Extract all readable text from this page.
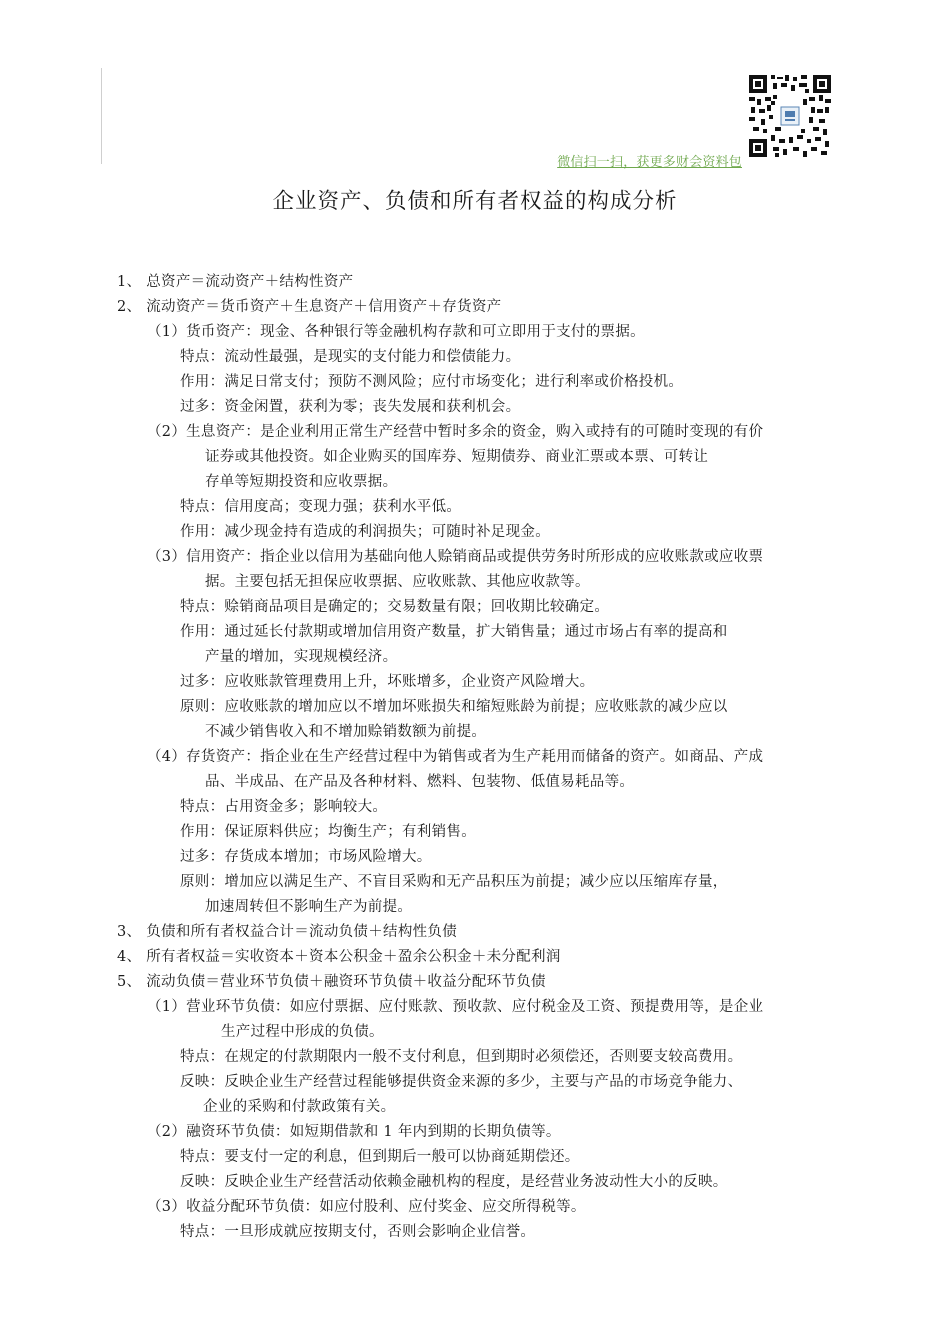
微信扫一扫，获更多财会资料包
企业资产、负债和所有者权益的构成分析
1、 总资产＝流动资产＋结构性资产
2、 流动资产＝货币资产＋生息资产＋信用资产＋存货资产
（1）货币资产：现金、各种银行等金融机构存款和可立即用于支付的票据。
特点：流动性最强，是现实的支付能力和偿债能力。
作用：满足日常支付；预防不测风险；应付市场变化；进行利率或价格投机。
过多：资金闲置，获利为零；丧失发展和获利机会。
（2）生息资产：是企业利用正常生产经营中暂时多余的资金，购入或持有的可随时变现的有价
证券或其他投资。如企业购买的国库券、短期债券、商业汇票或本票、可转让
存单等短期投资和应收票据。
特点：信用度高；变现力强；获利水平低。
作用：减少现金持有造成的利润损失；可随时补足现金。
（3）信用资产：指企业以信用为基础向他人赊销商品或提供劳务时所形成的应收账款或应收票
据。主要包括无担保应收票据、应收账款、其他应收款等。
特点：赊销商品项目是确定的；交易数量有限；回收期比较确定。
作用：通过延长付款期或增加信用资产数量，扩大销售量；通过市场占有率的提高和
产量的增加，实现规模经济。
过多：应收账款管理费用上升，坏账增多，企业资产风险增大。
原则：应收账款的增加应以不增加坏账损失和缩短账龄为前提；应收账款的减少应以
不减少销售收入和不增加赊销数额为前提。
（4）存货资产：指企业在生产经营过程中为销售或者为生产耗用而储备的资产。如商品、产成
品、半成品、在产品及各种材料、燃料、包装物、低值易耗品等。
特点：占用资金多；影响较大。
作用：保证原料供应；均衡生产；有利销售。
过多：存货成本增加；市场风险增大。
原则：增加应以满足生产、不盲目采购和无产品积压为前提；减少应以压缩库存量，
加速周转但不影响生产为前提。
3、 负债和所有者权益合计＝流动负债＋结构性负债
4、 所有者权益＝实收资本＋资本公积金＋盈余公积金＋未分配利润
5、 流动负债＝营业环节负债＋融资环节负债＋收益分配环节负债
（1）营业环节负债：如应付票据、应付账款、预收款、应付税金及工资、预提费用等，是企业
生产过程中形成的负债。
特点：在规定的付款期限内一般不支付利息，但到期时必须偿还，否则要支较高费用。
反映：反映企业生产经营过程能够提供资金来源的多少，主要与产品的市场竞争能力、
企业的采购和付款政策有关。
（2）融资环节负债：如短期借款和 1 年内到期的长期负债等。
特点：要支付一定的利息，但到期后一般可以协商延期偿还。
反映：反映企业生产经营活动依赖金融机构的程度，是经营业务波动性大小的反映。
（3）收益分配环节负债：如应付股利、应付奖金、应交所得税等。
特点：一旦形成就应按期支付，否则会影响企业信誉。
